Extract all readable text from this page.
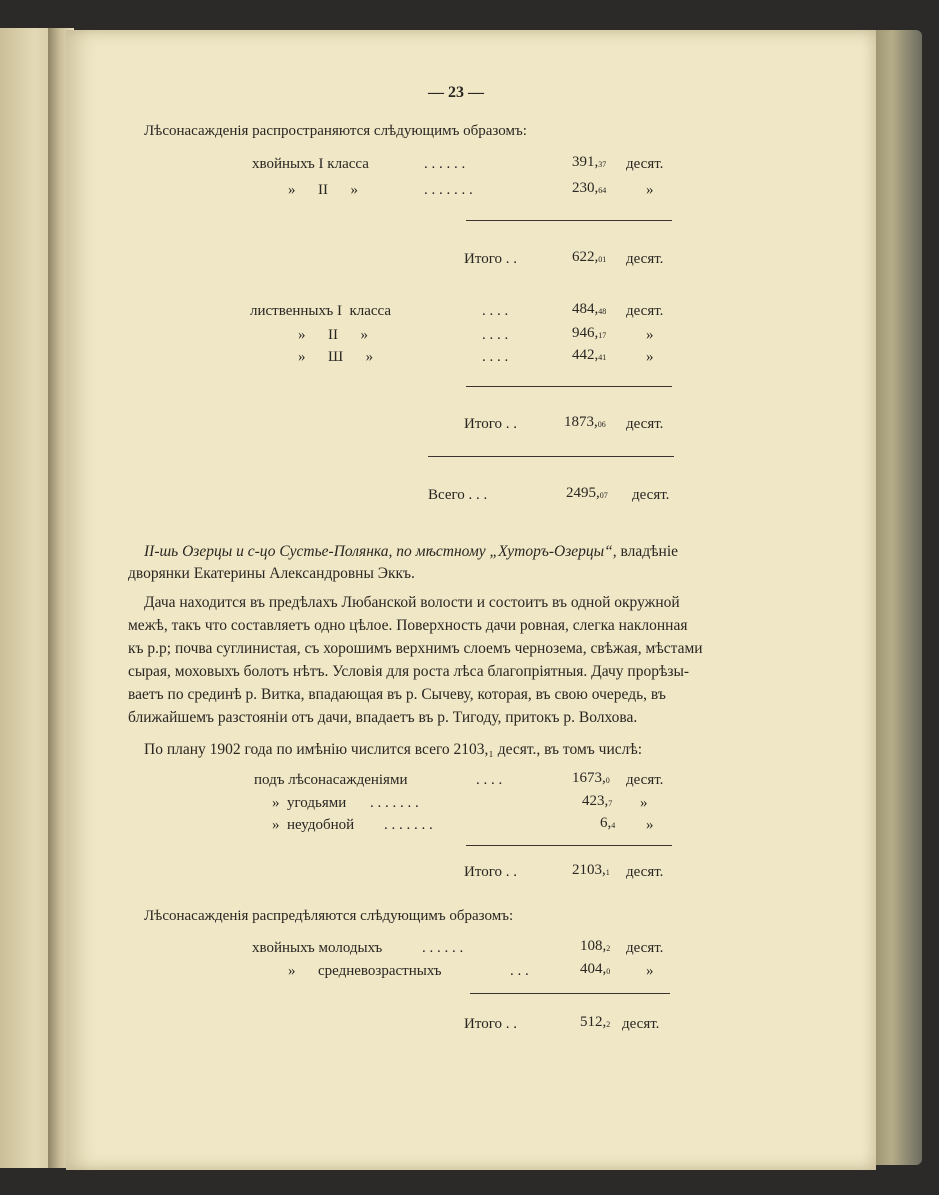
— 23 —
Лѣсонасажденія распространяются слѣдующимъ образомъ:
хвойныхъ I класса	. . . . . .	$391,_{37}$ десят.
»      II      »	. . . . . . .	$230,_{64}$	»
Итого . .	$622,_{01}$ десят.
лиственныхъ I  класса	. . . .	$484,_{48}$ десят.
»      II      »	. . . .	$946,_{17}$	»
»      Ш      »	. . . .	$442,_{41}$	»
Итого . .	$1873,_{06}$ десят.
Всего . . .	$2495,_{07}$ десят.
II-шь Озерцы и с-цо Сустье-Полянка, по мѣстному „Хуторъ-Озерцы“, владѣніе
дворянки Екатерины Александровны Эккъ.
Дача находится въ предѣлахъ Любанской волости и состоитъ въ одной окружной
межѣ, такъ что составляетъ одно цѣлое. Поверхность дачи ровная, слегка наклонная
къ р.р; почва суглинистая, съ хорошимъ верхнимъ слоемъ чернозема, свѣжая, мѣстами
сырая, моховыхъ болотъ нѣтъ. Условія для роста лѣса благопріятныя. Дачу прорѣзы-
ваетъ по срединѣ р. Витка, впадающая въ р. Сычеву, которая, въ свою очередь, въ
ближайшемъ разстояніи отъ дачи, впадаетъ въ р. Тигоду, притокъ р. Волхова.
По плану 1902 года по имѣнію числится всего 2103,₁ десят., въ томъ числѣ:
подъ лѣсонасажденіями	. . . .	$1673,_0$ десят.
»  угодьями . . . . . . .	$423,_7$ »
»  неудобной . . . . . . .	$6,_4$ »
Итого . .	$2103,_1$ десят.
Лѣсонасажденія распредѣляются слѣдующимъ образомъ:
хвойныхъ молодыхъ	. . . . . .	$108,_2$ десят.
»      средневозрастныхъ	. . .	$404,_0$ »
Итого . .	$512,_2$ десят.
